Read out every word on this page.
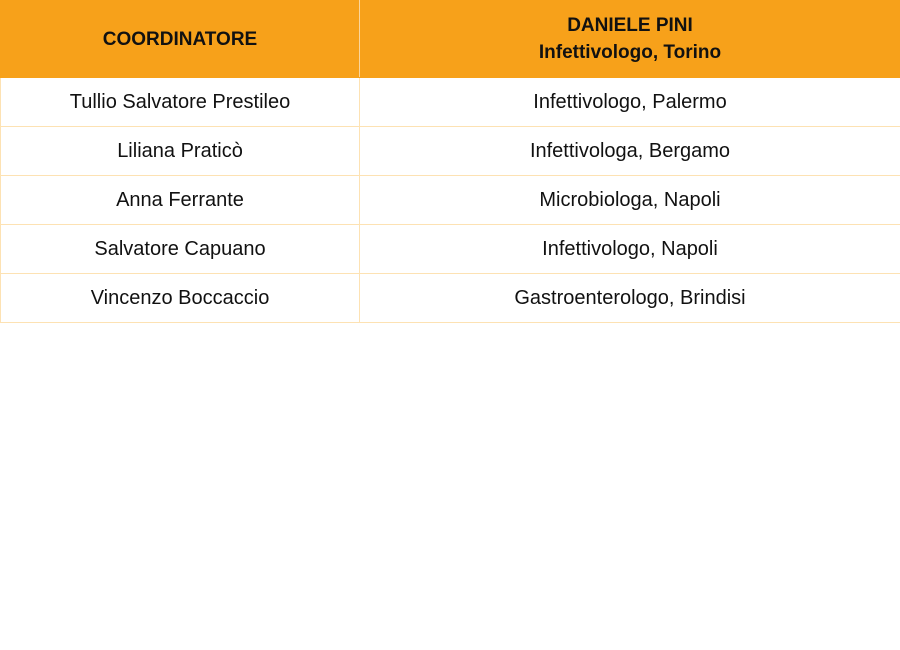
COORDINATORE	DANIELE PINI
Infettivologo, Torino

Tullio Salvatore Prestileo	Infettivologo, Palermo
Liliana Praticò	Infettivologa, Bergamo
Anna Ferrante	Microbiologa, Napoli
Salvatore Capuano	Infettivologo, Napoli
Vincenzo Boccaccio	Gastroenterologo, Brindisi
